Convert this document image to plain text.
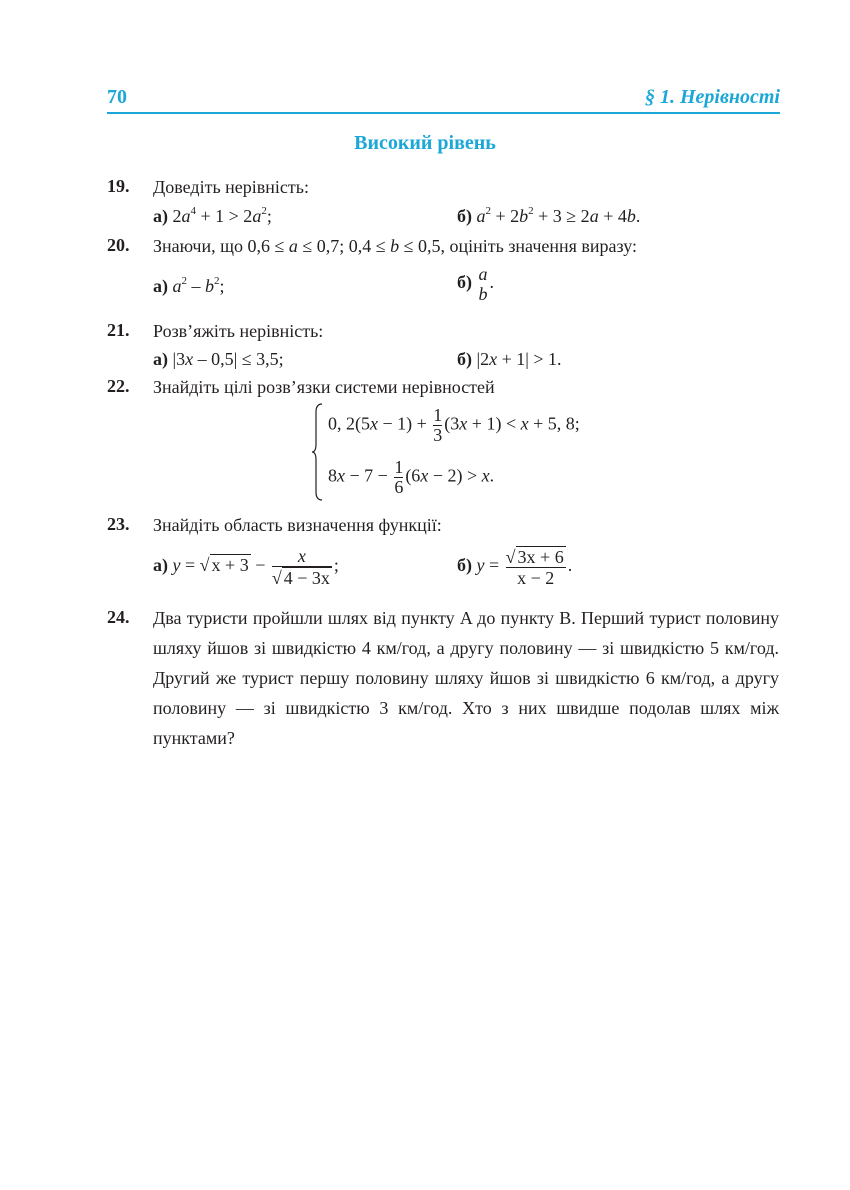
70	§ 1. Нерівності
Високий рівень
19. Доведіть нерівність:
а) $2a^4 + 1 > 2a^2$;	б) $a^2 + 2b^2 + 3 \ge 2a + 4b$.
20. Знаючи, що 0,6 ≤ a ≤ 0,7; 0,4 ≤ b ≤ 0,5, оцініть значення виразу:
а) $a^2 - b^2$;	б) a
b
.
21. Розв’яжіть нерівність:
а) |3x – 0,5| ≤ 3,5;	б) |2x + 1| > 1.
22. Знайдіть цілі розв’язки системи нерівностей
0, $2(5x - 1) + \frac{1}{3} (3x + 1) < x + 5$, 8;
$8x - 7 - \frac{1}{6} (6x - 2) > x$.
23. Знайдіть область визначення функції:
а) y = √ $x + 3 - \frac{x}{√ 4 - 3x}$ ;	б) $y = \frac{√ 3x + 6}{x - 2}$ .
24. Два туристи пройшли шлях від пункту A до пункту B. Перший турист половину шляху йшов зі швидкістю 4 км/год, а другу половину — зі швидкістю 5 км/год. Другий же турист першу половину шляху йшов зі швидкістю 6 км/год, а другу половину — зі швидкістю 3 км/год. Хто з них швидше подолав шлях між пунктами?
